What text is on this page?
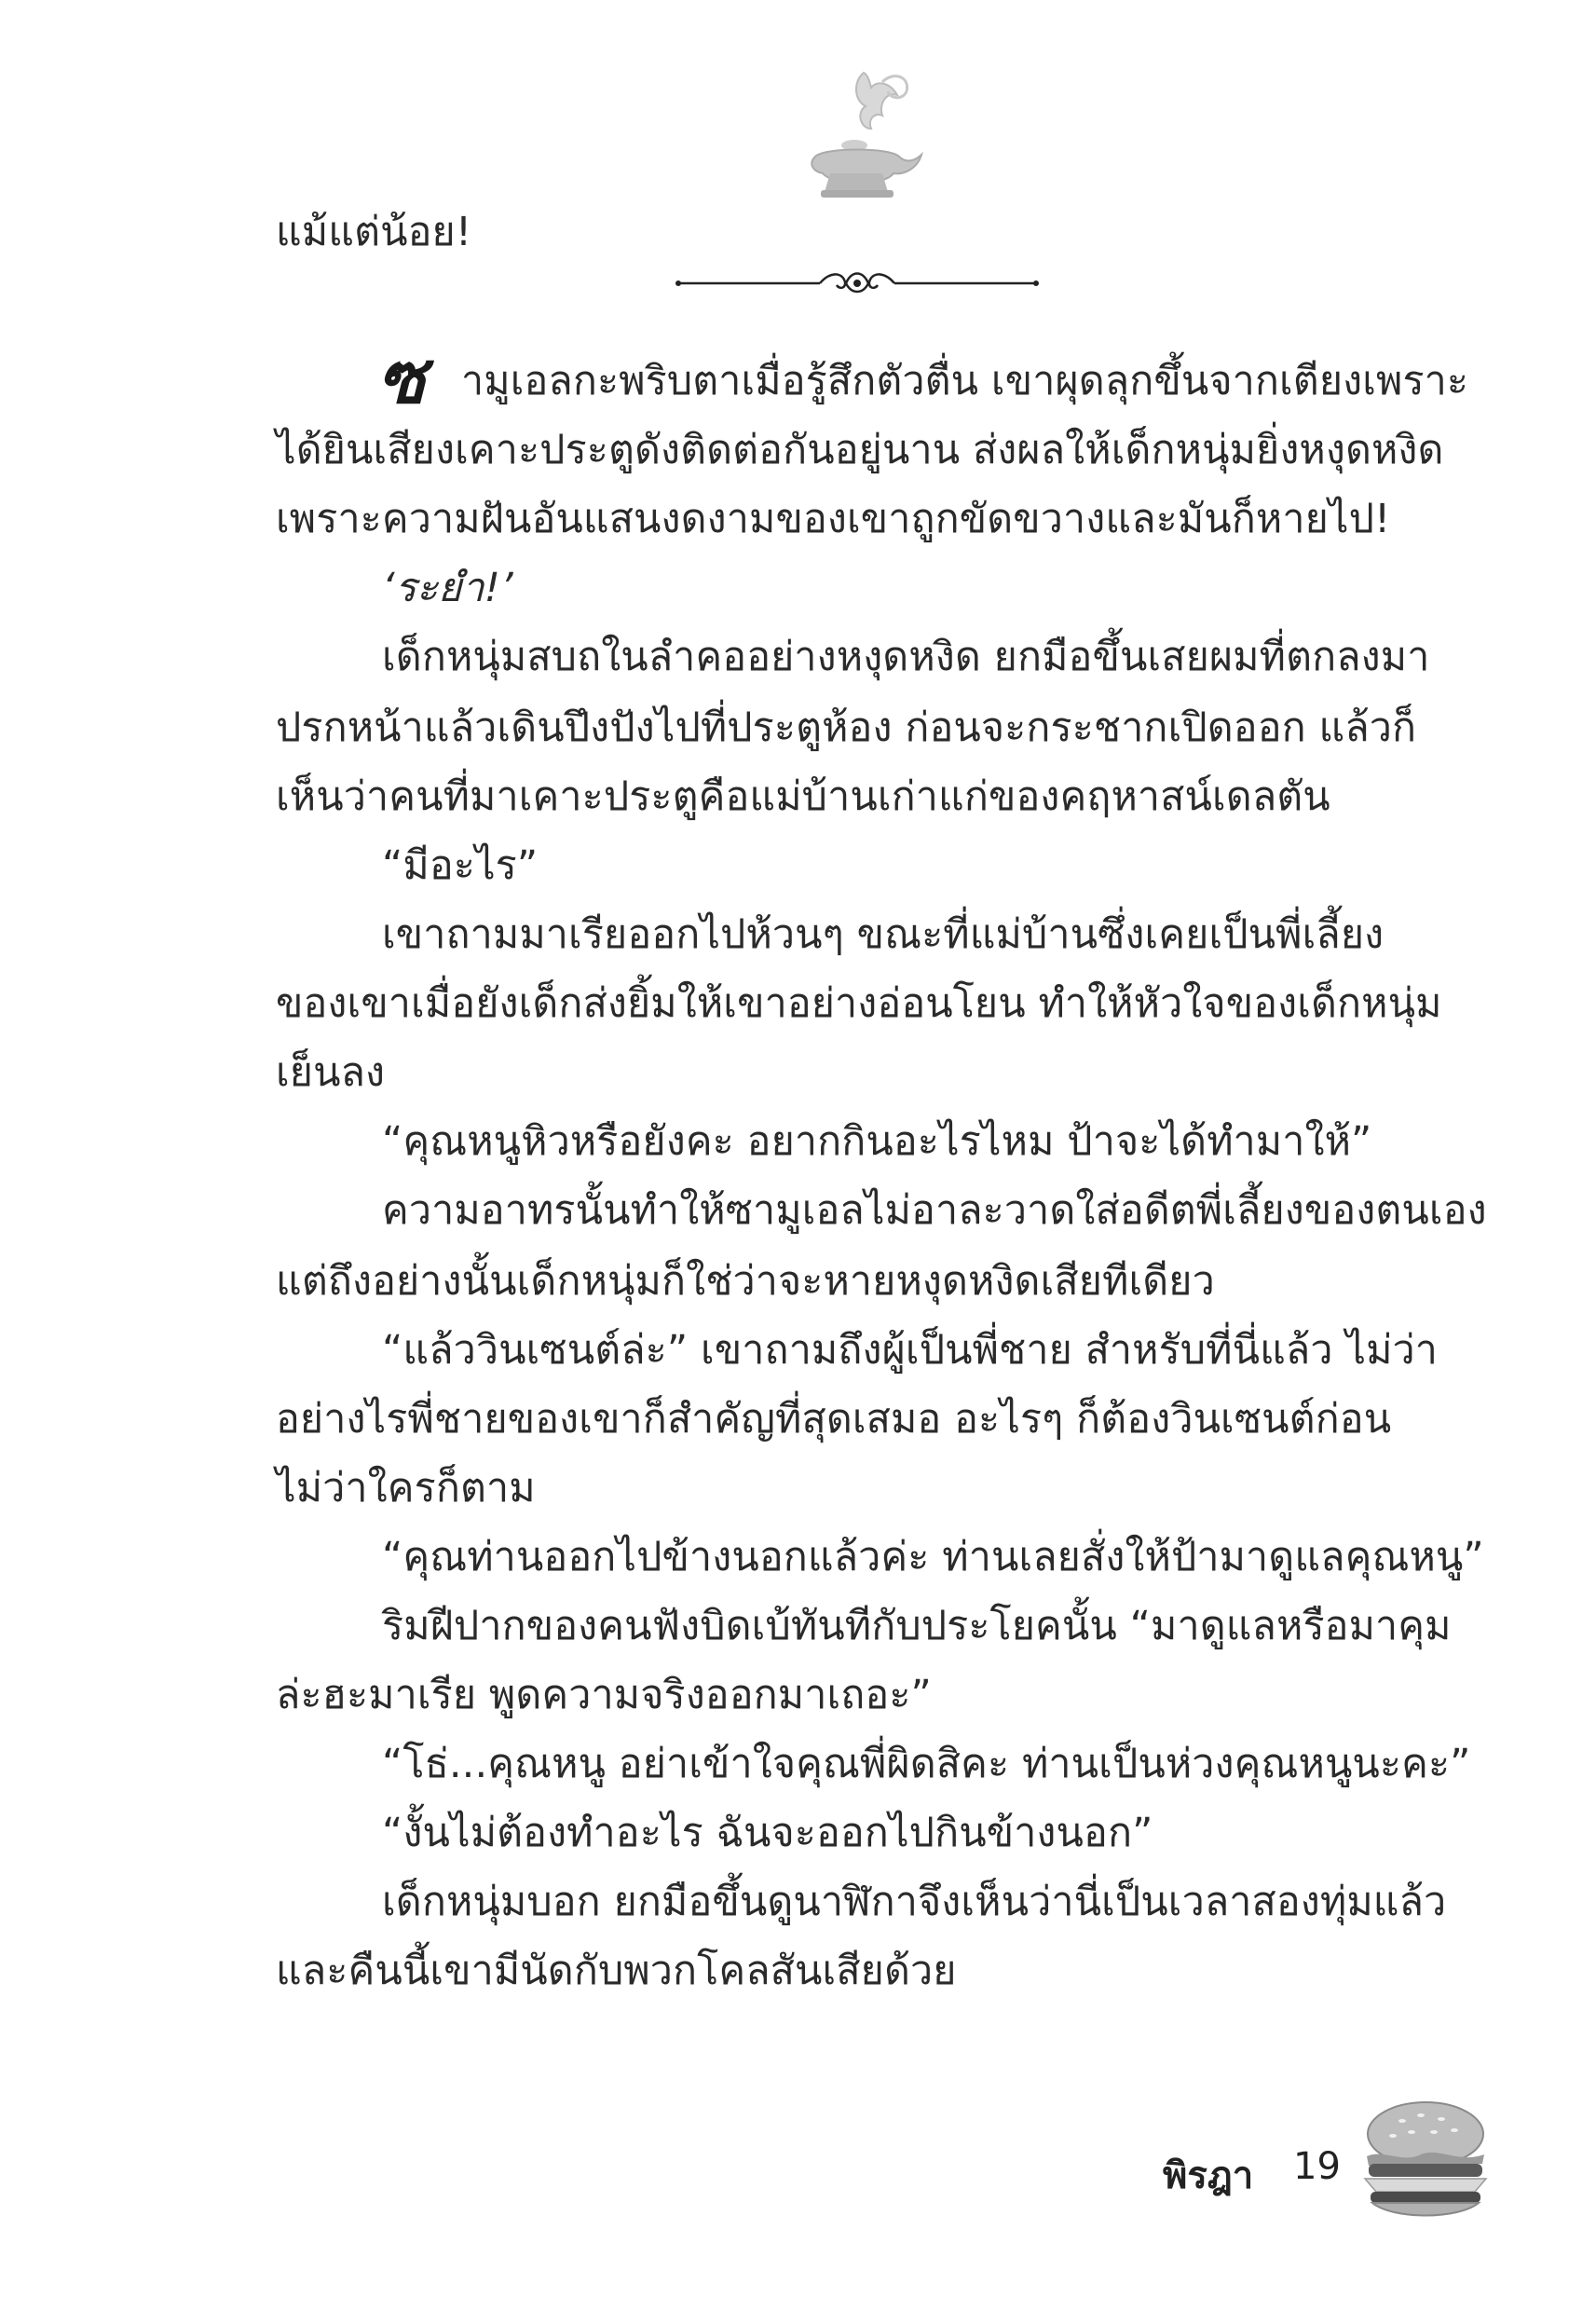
แม้แต่น้อย!
ซ ามูเอลกะพริบตาเมื่อรู้สึกตัวตื่น เขาผุดลุกขึ้นจากเตียงเพราะ
ได้ยินเสียงเคาะประตูดังติดต่อกันอยู่นาน ส่งผลให้เด็กหนุ่มยิ่งหงุดหงิด
เพราะความฝันอันแสนงดงามของเขาถูกขัดขวางและมันก็หายไป!
‘ระยำ!’
เด็กหนุ่มสบถในลำคออย่างหงุดหงิด ยกมือขึ้นเสยผมที่ตกลงมา
ปรกหน้าแล้วเดินปึงปังไปที่ประตูห้อง ก่อนจะกระชากเปิดออก แล้วก็
เห็นว่าคนที่มาเคาะประตูคือแม่บ้านเก่าแก่ของคฤหาสน์เดลตัน
“มีอะไร”
เขาถามมาเรียออกไปห้วนๆ ขณะที่แม่บ้านซึ่งเคยเป็นพี่เลี้ยง
ของเขาเมื่อยังเด็กส่งยิ้มให้เขาอย่างอ่อนโยน ทำให้หัวใจของเด็กหนุ่ม
เย็นลง
“คุณหนูหิวหรือยังคะ อยากกินอะไรไหม ป้าจะได้ทำมาให้”
ความอาทรนั้นทำให้ซามูเอลไม่อาละวาดใส่อดีตพี่เลี้ยงของตนเอง
แต่ถึงอย่างนั้นเด็กหนุ่มก็ใช่ว่าจะหายหงุดหงิดเสียทีเดียว
“แล้ววินเซนต์ล่ะ” เขาถามถึงผู้เป็นพี่ชาย สำหรับที่นี่แล้ว ไม่ว่า
อย่างไรพี่ชายของเขาก็สำคัญที่สุดเสมอ อะไรๆ ก็ต้องวินเซนต์ก่อน
ไม่ว่าใครก็ตาม
“คุณท่านออกไปข้างนอกแล้วค่ะ ท่านเลยสั่งให้ป้ามาดูแลคุณหนู”
ริมฝีปากของคนฟังบิดเบ้ทันทีกับประโยคนั้น “มาดูแลหรือมาคุม
ล่ะฮะมาเรีย พูดความจริงออกมาเถอะ”
“โธ่...คุณหนู อย่าเข้าใจคุณพี่ผิดสิคะ ท่านเป็นห่วงคุณหนูนะคะ”
“งั้นไม่ต้องทำอะไร ฉันจะออกไปกินข้างนอก”
เด็กหนุ่มบอก ยกมือขึ้นดูนาฬิกาจึงเห็นว่านี่เป็นเวลาสองทุ่มแล้ว
และคืนนี้เขามีนัดกับพวกโคลสันเสียด้วย
พิรฎา 19
